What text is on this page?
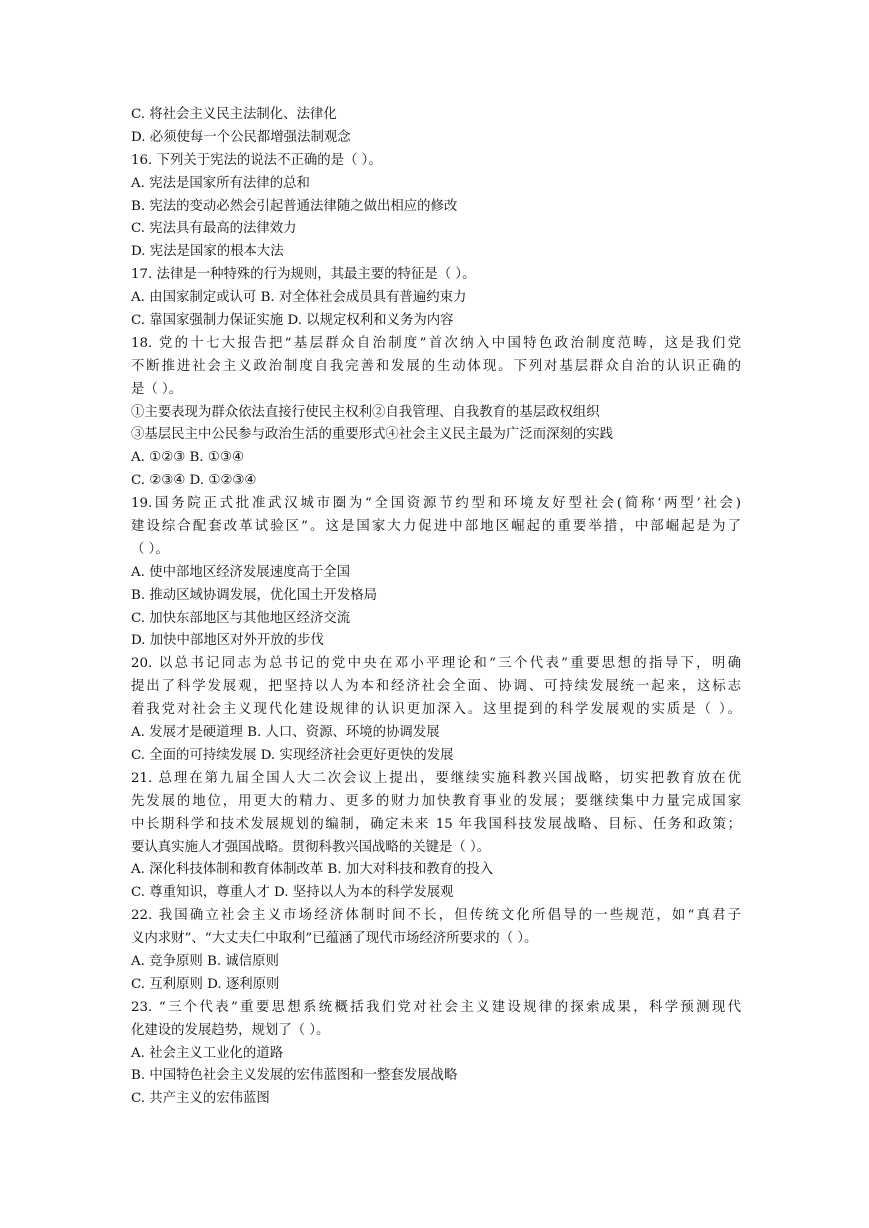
C. 将社会主义民主法制化、法律化
D. 必须使每一个公民都增强法制观念
16. 下列关于宪法的说法不正确的是（ ）。
A. 宪法是国家所有法律的总和
B. 宪法的变动必然会引起普通法律随之做出相应的修改
C. 宪法具有最高的法律效力
D. 宪法是国家的根本大法
17. 法律是一种特殊的行为规则，其最主要的特征是（ ）。
A. 由国家制定或认可 B. 对全体社会成员具有普遍约束力
C. 靠国家强制力保证实施 D. 以规定权利和义务为内容
18. 党的十七大报告把“基层群众自治制度”首次纳入中国特色政治制度范畴，这是我们党
不断推进社会主义政治制度自我完善和发展的生动体现。下列对基层群众自治的认识正确的
是（ ）。
①主要表现为群众依法直接行使民主权利②自我管理、自我教育的基层政权组织
③基层民主中公民参与政治生活的重要形式④社会主义民主最为广泛而深刻的实践
A. ①②③ B. ①③④
C. ②③④ D. ①②③④
19.国务院正式批准武汉城市圈为“全国资源节约型和环境友好型社会(简称‘两型’社会)
建设综合配套改革试验区”。这是国家大力促进中部地区崛起的重要举措，中部崛起是为了
（ ）。
A. 使中部地区经济发展速度高于全国
B. 推动区域协调发展，优化国土开发格局
C. 加快东部地区与其他地区经济交流
D. 加快中部地区对外开放的步伐
20. 以总书记同志为总书记的党中央在邓小平理论和“三个代表”重要思想的指导下，明确
提出了科学发展观，把坚持以人为本和经济社会全面、协调、可持续发展统一起来，这标志
着我党对社会主义现代化建设规律的认识更加深入。这里提到的科学发展观的实质是（ ）。
A. 发展才是硬道理 B. 人口、资源、环境的协调发展
C. 全面的可持续发展 D. 实现经济社会更好更快的发展
21. 总理在第九届全国人大二次会议上提出，要继续实施科教兴国战略，切实把教育放在优
先发展的地位，用更大的精力、更多的财力加快教育事业的发展；要继续集中力量完成国家
中长期科学和技术发展规划的编制，确定未来 15 年我国科技发展战略、目标、任务和政策；
要认真实施人才强国战略。贯彻科教兴国战略的关键是（ ）。
A. 深化科技体制和教育体制改革 B. 加大对科技和教育的投入
C. 尊重知识，尊重人才 D. 坚持以人为本的科学发展观
22. 我国确立社会主义市场经济体制时间不长，但传统文化所倡导的一些规范，如“真君子
义内求财”、“大丈夫仁中取利”已蕴涵了现代市场经济所要求的（ ）。
A. 竞争原则 B. 诚信原则
C. 互利原则 D. 逐利原则
23. “三个代表”重要思想系统概括我们党对社会主义建设规律的探索成果，科学预测现代
化建设的发展趋势，规划了（ ）。
A. 社会主义工业化的道路
B. 中国特色社会主义发展的宏伟蓝图和一整套发展战略
C. 共产主义的宏伟蓝图
